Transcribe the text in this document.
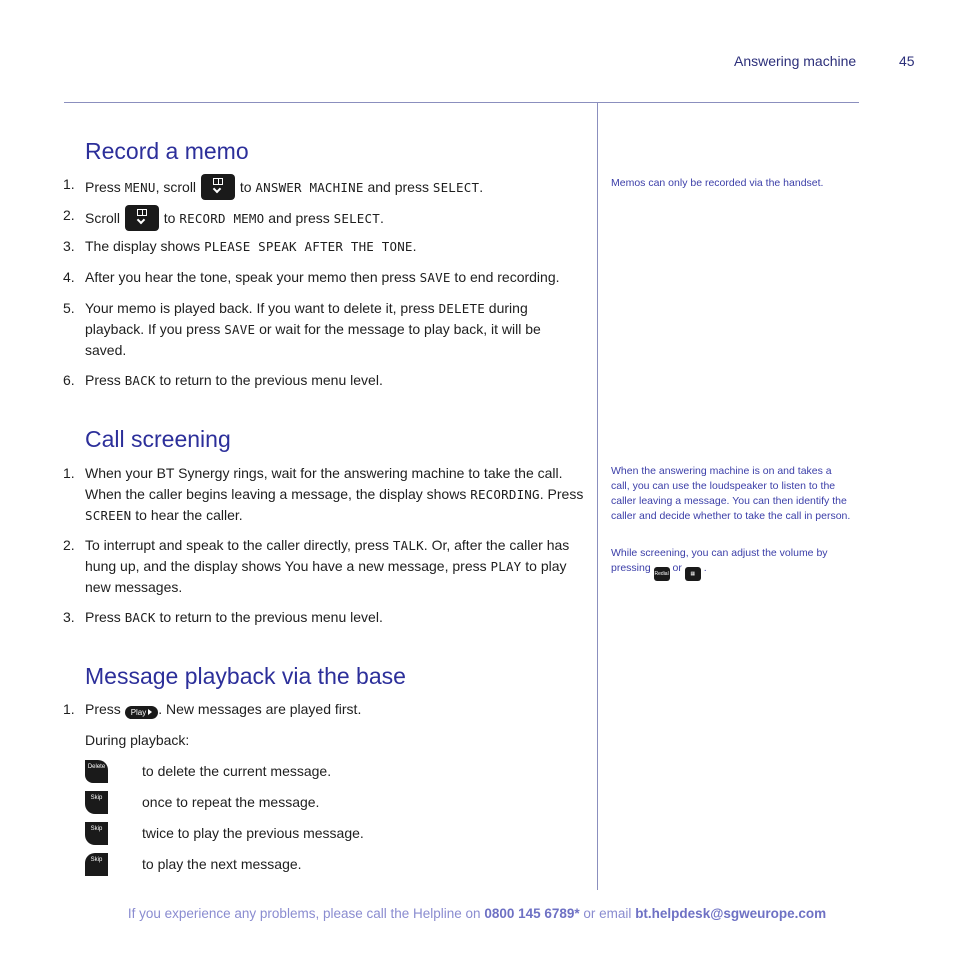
Answering machine	45
Record a memo
1. Press MENU, scroll	to ANSWER MACHINE and press SELECT.
2. Scroll	to RECORD MEMO and press SELECT.
3. The display shows PLEASE SPEAK AFTER THE TONE.
4. After you hear the tone, speak your memo then press SAVE to end recording.
5. Your memo is played back. If you want to delete it, press DELETE during playback. If you press SAVE or wait for the message to play back, it will be saved.
6. Press BACK to return to the previous menu level.
Call screening
1. When your BT Synergy rings, wait for the answering machine to take the call. When the caller begins leaving a message, the display shows RECORDING. Press SCREEN to hear the caller.
2. To interrupt and speak to the caller directly, press TALK. Or, after the caller has hung up, and the display shows You have a new message, press PLAY to play new messages.
3. Press BACK to return to the previous menu level.
Message playback via the base
1. Press Play . New messages are played first.
During playback:
Delete	to delete the current message.
Skip	once to repeat the message.
Skip	twice to play the previous message.
Skip	to play the next message.
Memos can only be recorded via the handset.
When the answering machine is on and takes a call, you can use the loudspeaker to listen to the caller leaving a message. You can then identify the caller and decide whether to take the call in person.
While screening, you can adjust the volume by pressing Redial or ▦ .
If you experience any problems, please call the Helpline on 0800 145 6789* or email bt.helpdesk@sgweurope.com
